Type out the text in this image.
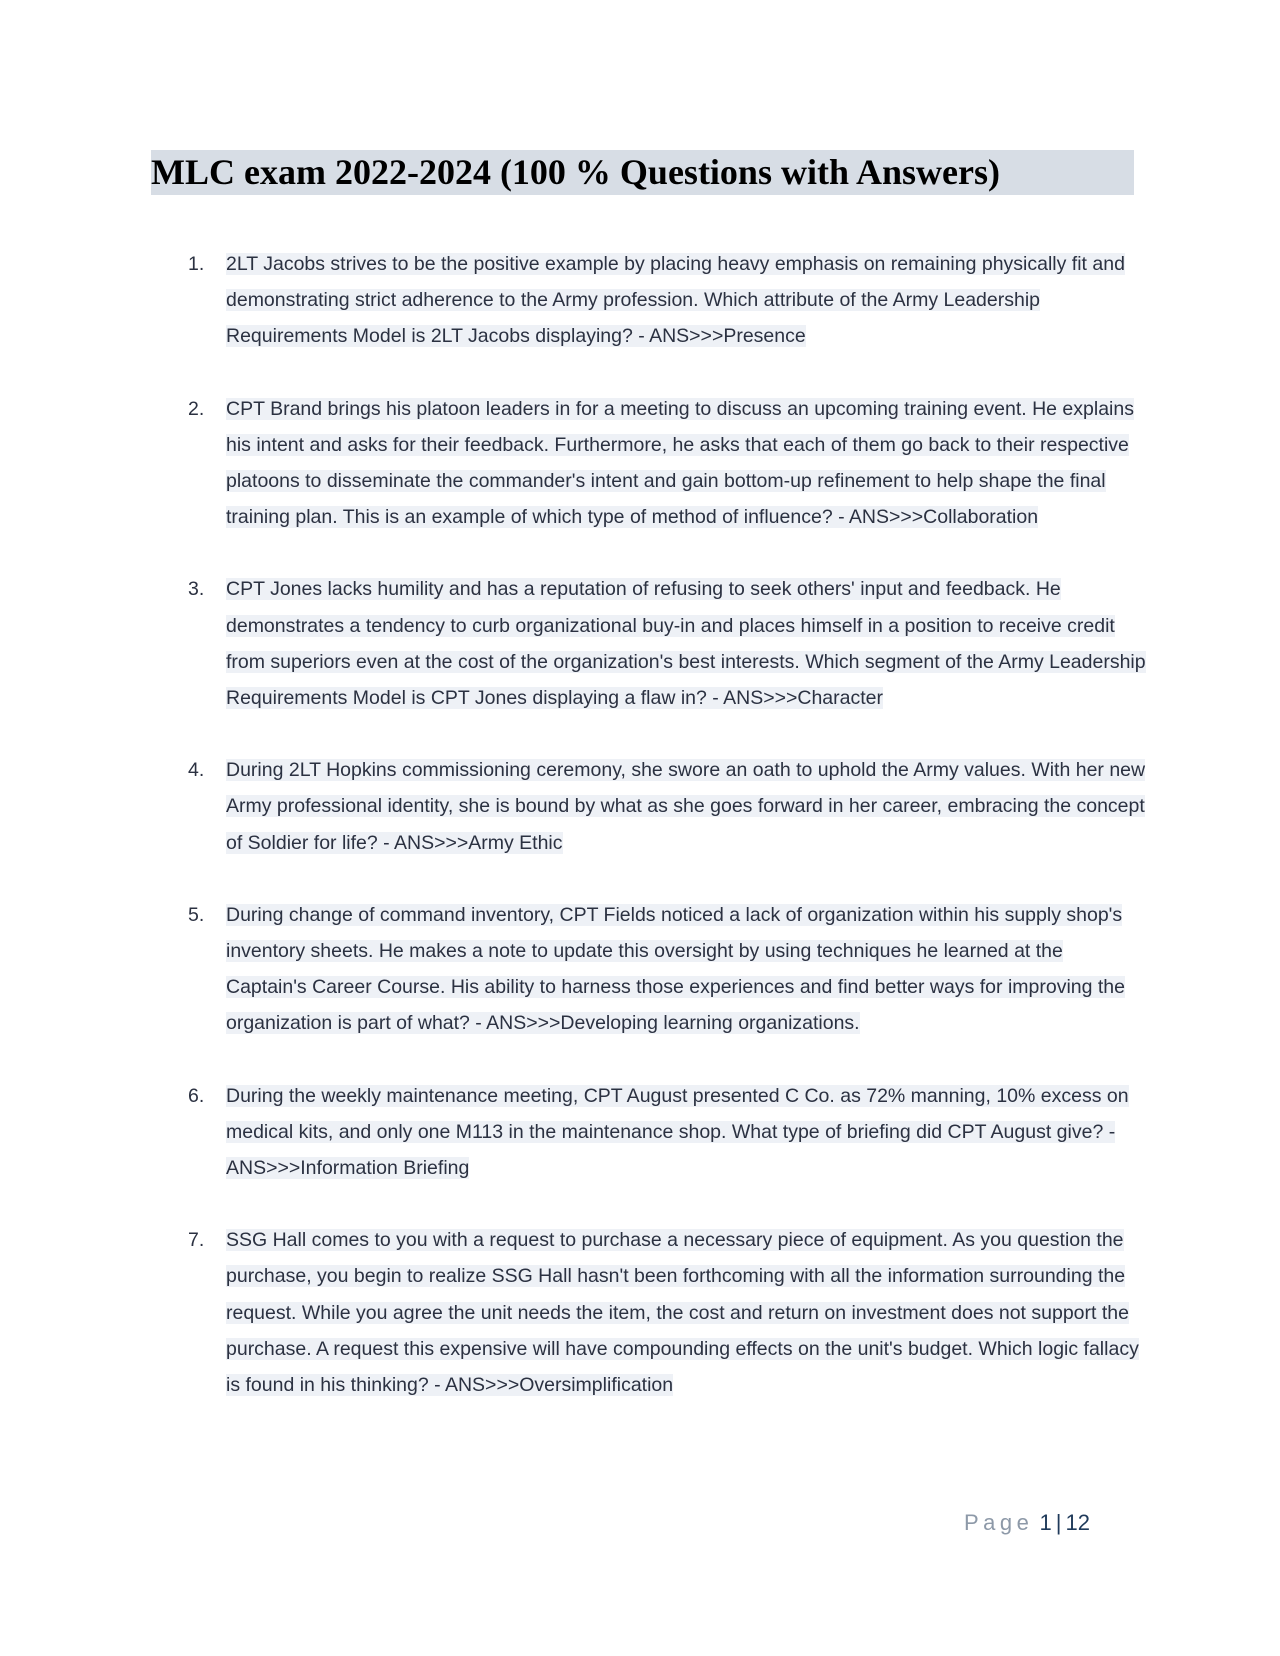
MLC exam 2022-2024 (100 % Questions with Answers)
1. 2LT Jacobs strives to be the positive example by placing heavy emphasis on remaining physically fit and demonstrating strict adherence to the Army profession. Which attribute of the Army Leadership Requirements Model is 2LT Jacobs displaying? - ANS>>>Presence
2. CPT Brand brings his platoon leaders in for a meeting to discuss an upcoming training event. He explains his intent and asks for their feedback. Furthermore, he asks that each of them go back to their respective platoons to disseminate the commander's intent and gain bottom-up refinement to help shape the final training plan. This is an example of which type of method of influence? - ANS>>>Collaboration
3. CPT Jones lacks humility and has a reputation of refusing to seek others' input and feedback. He demonstrates a tendency to curb organizational buy-in and places himself in a position to receive credit from superiors even at the cost of the organization's best interests. Which segment of the Army Leadership Requirements Model is CPT Jones displaying a flaw in? - ANS>>>Character
4. During 2LT Hopkins commissioning ceremony, she swore an oath to uphold the Army values. With her new Army professional identity, she is bound by what as she goes forward in her career, embracing the concept of Soldier for life? - ANS>>>Army Ethic
5. During change of command inventory, CPT Fields noticed a lack of organization within his supply shop's inventory sheets. He makes a note to update this oversight by using techniques he learned at the Captain's Career Course. His ability to harness those experiences and find better ways for improving the organization is part of what? - ANS>>>Developing learning organizations.
6. During the weekly maintenance meeting, CPT August presented C Co. as 72% manning, 10% excess on medical kits, and only one M113 in the maintenance shop. What type of briefing did CPT August give? - ANS>>>Information Briefing
7. SSG Hall comes to you with a request to purchase a necessary piece of equipment. As you question the purchase, you begin to realize SSG Hall hasn't been forthcoming with all the information surrounding the request. While you agree the unit needs the item, the cost and return on investment does not support the purchase. A request this expensive will have compounding effects on the unit's budget. Which logic fallacy is found in his thinking? - ANS>>>Oversimplification
Page 1 | 12
